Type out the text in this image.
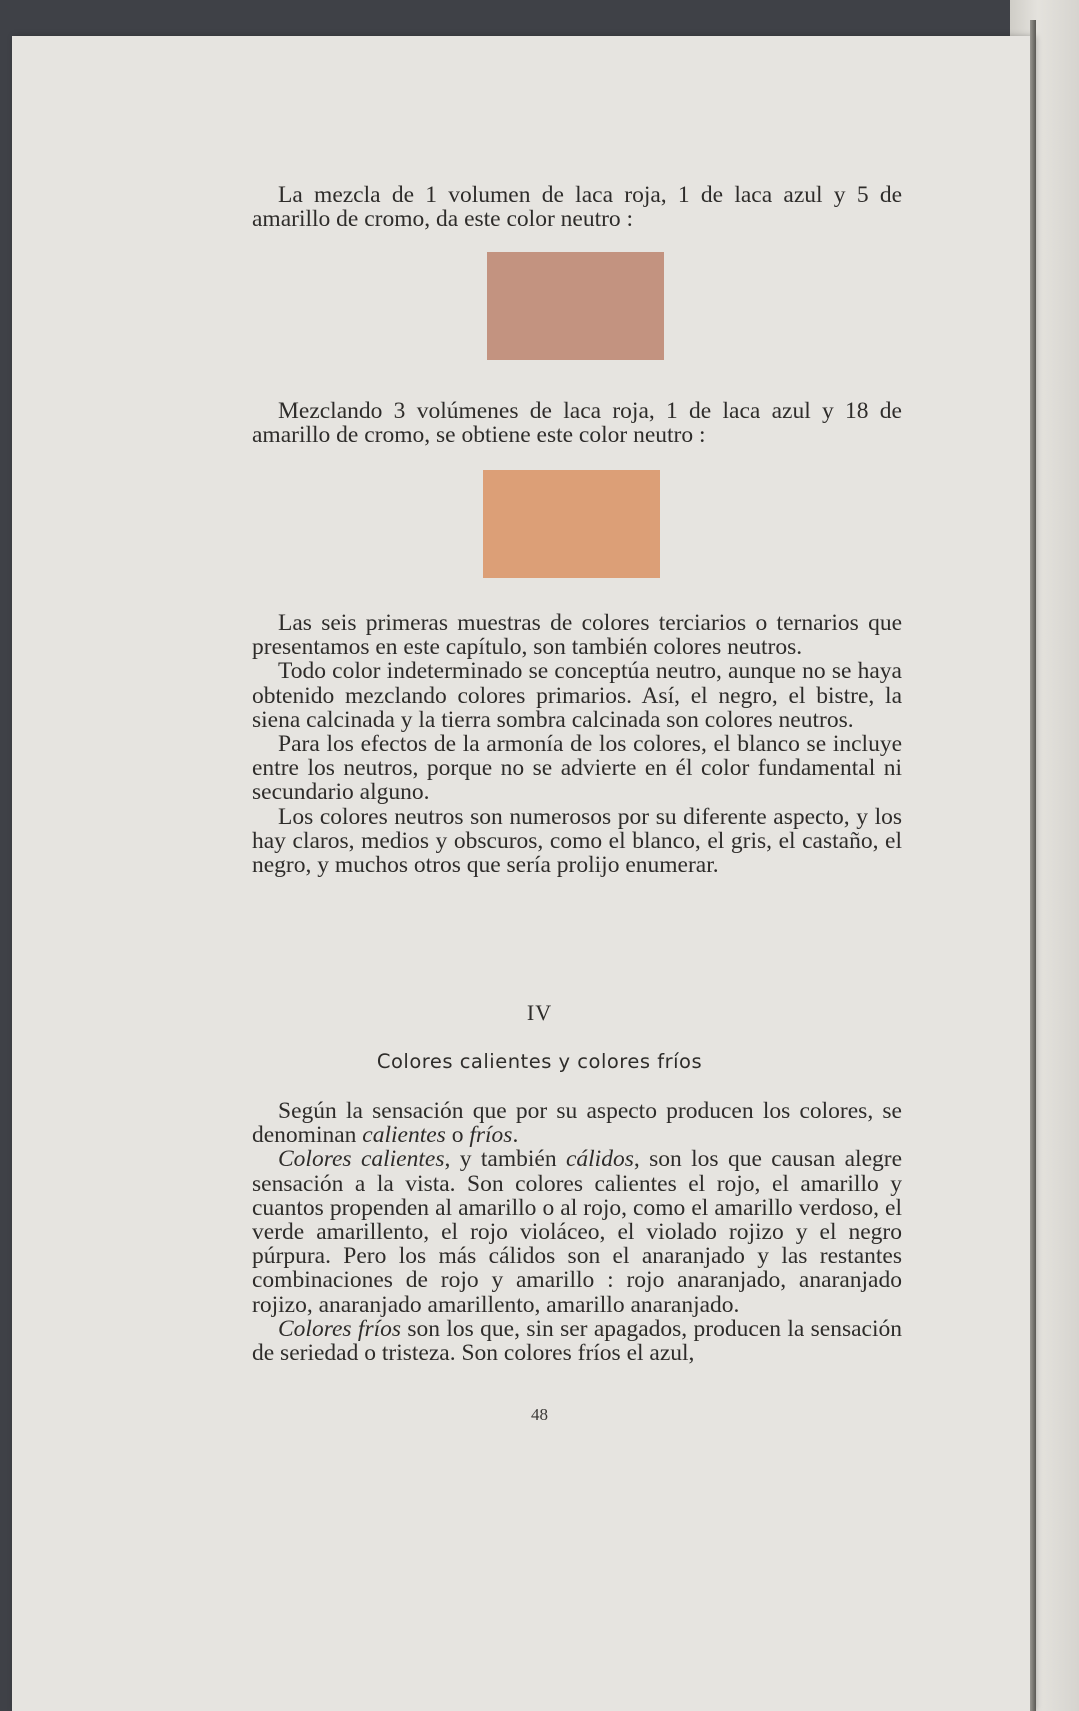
La mezcla de 1 volumen de laca roja, 1 de laca azul y 5 de amarillo de cromo, da este color neutro :

Mezclando 3 volúmenes de laca roja, 1 de laca azul y 18 de amarillo de cromo, se obtiene este color neutro :

Las seis primeras muestras de colores terciarios o ternarios que presentamos en este capítulo, son también colores neutros.

Todo color indeterminado se conceptúa neutro, aunque no se haya obtenido mezclando colores primarios. Así, el negro, el bistre, la siena calcinada y la tierra sombra calcinada son colores neutros.

Para los efectos de la armonía de los colores, el blanco se incluye entre los neutros, porque no se advierte en él color fundamental ni secundario alguno.

Los colores neutros son numerosos por su diferente aspecto, y los hay claros, medios y obscuros, como el blanco, el gris, el castaño, el negro, y muchos otros que sería prolijo enumerar.

IV
Colores calientes y colores fríos

Según la sensación que por su aspecto producen los colores, se denominan calientes o fríos.

Colores calientes, y también cálidos, son los que causan alegre sensación a la vista. Son colores calientes el rojo, el amarillo y cuantos propenden al amarillo o al rojo, como el amarillo verdoso, el verde amarillento, el rojo violáceo, el violado rojizo y el negro púrpura. Pero los más cálidos son el anaranjado y las restantes combinaciones de rojo y amarillo : rojo anaranjado, anaranjado rojizo, anaranjado amarillento, amarillo anaranjado.

Colores fríos son los que, sin ser apagados, producen la sensación de seriedad o tristeza. Son colores fríos el azul,

48
